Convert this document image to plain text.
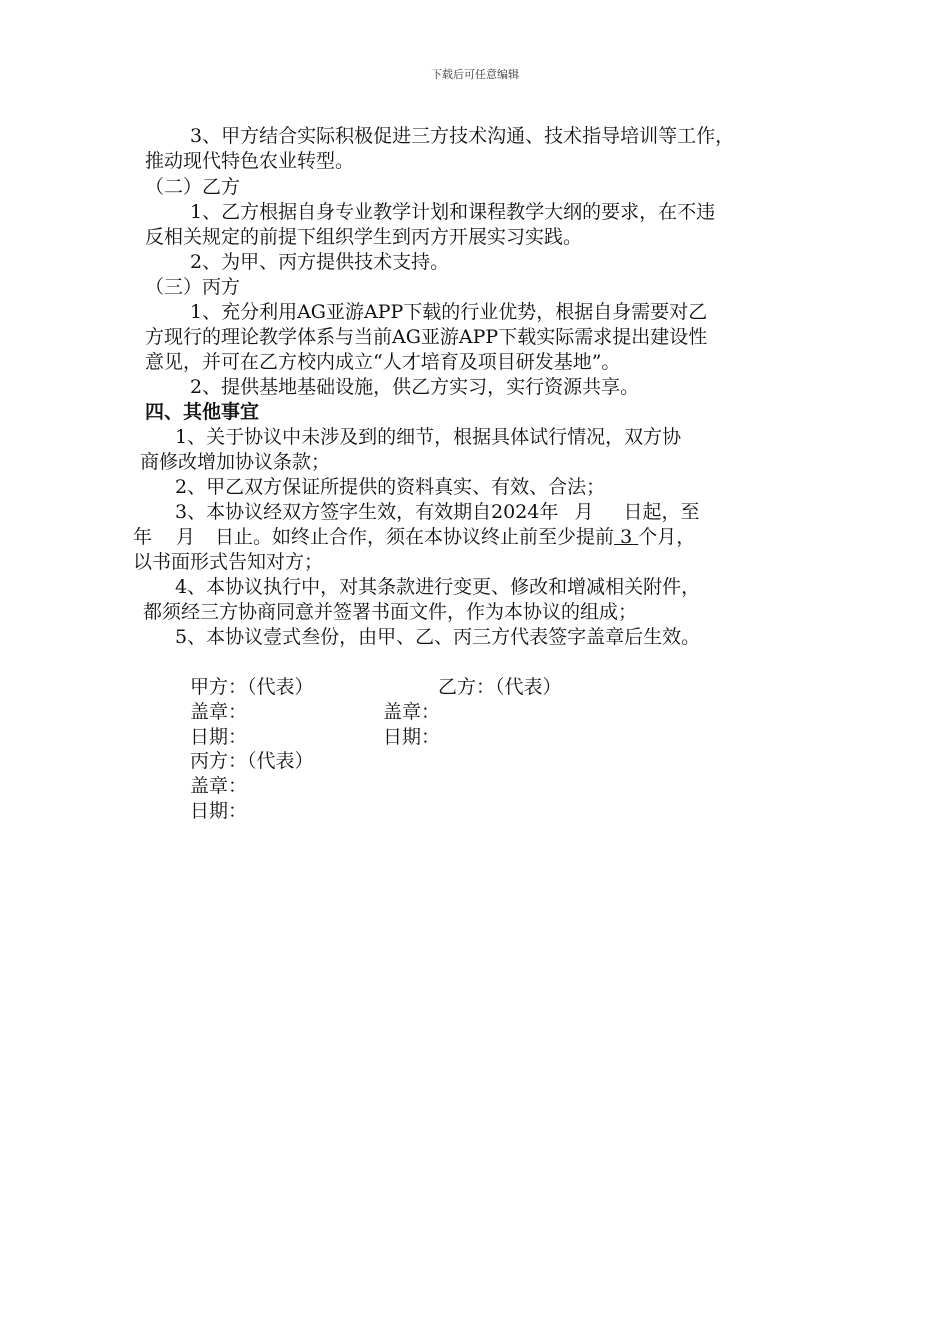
下载后可任意编辑
3、甲方结合实际积极促进三方技术沟通、技术指导培训等工作，
推动现代特色农业转型。
（二）乙方
1、乙方根据自身专业教学计划和课程教学大纲的要求，在不违
反相关规定的前提下组织学生到丙方开展实习实践。
2、为甲、丙方提供技术支持。
（三）丙方
1、充分利用AG亚游APP下载的行业优势，根据自身需要对乙
方现行的理论教学体系与当前AG亚游APP下载实际需求提出建设性
意见，并可在乙方校内成立“人才培育及项目研发基地”。
2、提供基地基础设施，供乙方实习，实行资源共享。
四、其他事宜
1、关于协议中未涉及到的细节，根据具体试行情况，双方协
商修改增加协议条款；
2、甲乙双方保证所提供的资料真实、有效、合法；
3、本协议经双方签字生效，有效期自2024年 月 日起，至
年 月 日止。如终止合作，须在本协议终止前至少提前 3 个月，
以书面形式告知对方；
4、本协议执行中，对其条款进行变更、修改和增减相关附件，
都须经三方协商同意并签署书面文件，作为本协议的组成；
5、本协议壹式叁份，由甲、乙、丙三方代表签字盖章后生效。
甲方：（代表）	乙方：（代表）
盖章：	盖章：
日期：	日期：
丙方：（代表）
盖章：
日期：
